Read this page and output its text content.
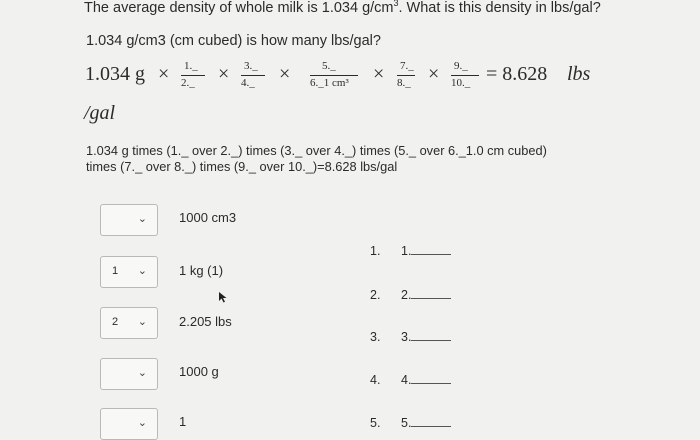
The average density of whole milk is 1.034 $g/cm^3$. What is this density in lbs/gal?
1.034 g/cm3 (cm cubed) is how many lbs/gal?
1.034 g × 1._
2._ × 3._
4._ ×	5._
6._1 cm³ × 7._
8._ × 9._
10._ = 8.628 lbs
/gal
1.034 g times (1._ over 2._) times (3._ over 4._) times (5._ over 6._1.0 cm cubed) times (7._ over 8._) times (9._ over 10._)=8.628 lbs/gal
⌄ 1000 cm3
1 ⌄ 1 kg (1)
2 ⌄ 2.205 lbs
⌄ 1000 g
⌄ 1
1. 1.
2. 2.
3. 3.
4. 4.
5. 5.
